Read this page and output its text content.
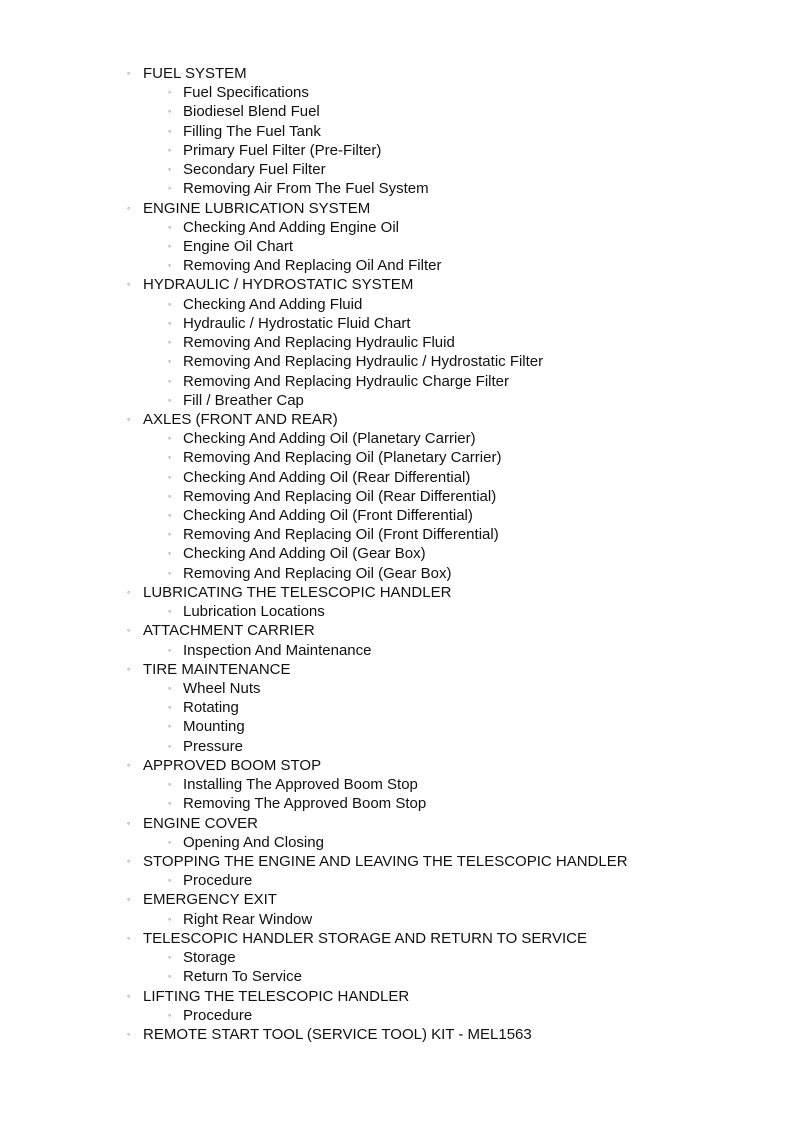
◦ FUEL SYSTEM
◦ Fuel Specifications
◦ Biodiesel Blend Fuel
◦ Filling The Fuel Tank
◦ Primary Fuel Filter (Pre-Filter)
◦ Secondary Fuel Filter
◦ Removing Air From The Fuel System
◦ ENGINE LUBRICATION SYSTEM
◦ Checking And Adding Engine Oil
◦ Engine Oil Chart
◦ Removing And Replacing Oil And Filter
◦ HYDRAULIC / HYDROSTATIC SYSTEM
◦ Checking And Adding Fluid
◦ Hydraulic / Hydrostatic Fluid Chart
◦ Removing And Replacing Hydraulic Fluid
◦ Removing And Replacing Hydraulic / Hydrostatic Filter
◦ Removing And Replacing Hydraulic Charge Filter
◦ Fill / Breather Cap
◦ AXLES (FRONT AND REAR)
◦ Checking And Adding Oil (Planetary Carrier)
◦ Removing And Replacing Oil (Planetary Carrier)
◦ Checking And Adding Oil (Rear Differential)
◦ Removing And Replacing Oil (Rear Differential)
◦ Checking And Adding Oil (Front Differential)
◦ Removing And Replacing Oil (Front Differential)
◦ Checking And Adding Oil (Gear Box)
◦ Removing And Replacing Oil (Gear Box)
◦ LUBRICATING THE TELESCOPIC HANDLER
◦ Lubrication Locations
◦ ATTACHMENT CARRIER
◦ Inspection And Maintenance
◦ TIRE MAINTENANCE
◦ Wheel Nuts
◦ Rotating
◦ Mounting
◦ Pressure
◦ APPROVED BOOM STOP
◦ Installing The Approved Boom Stop
◦ Removing The Approved Boom Stop
◦ ENGINE COVER
◦ Opening And Closing
◦ STOPPING THE ENGINE AND LEAVING THE TELESCOPIC HANDLER
◦ Procedure
◦ EMERGENCY EXIT
◦ Right Rear Window
◦ TELESCOPIC HANDLER STORAGE AND RETURN TO SERVICE
◦ Storage
◦ Return To Service
◦ LIFTING THE TELESCOPIC HANDLER
◦ Procedure
◦ REMOTE START TOOL (SERVICE TOOL) KIT - MEL1563
